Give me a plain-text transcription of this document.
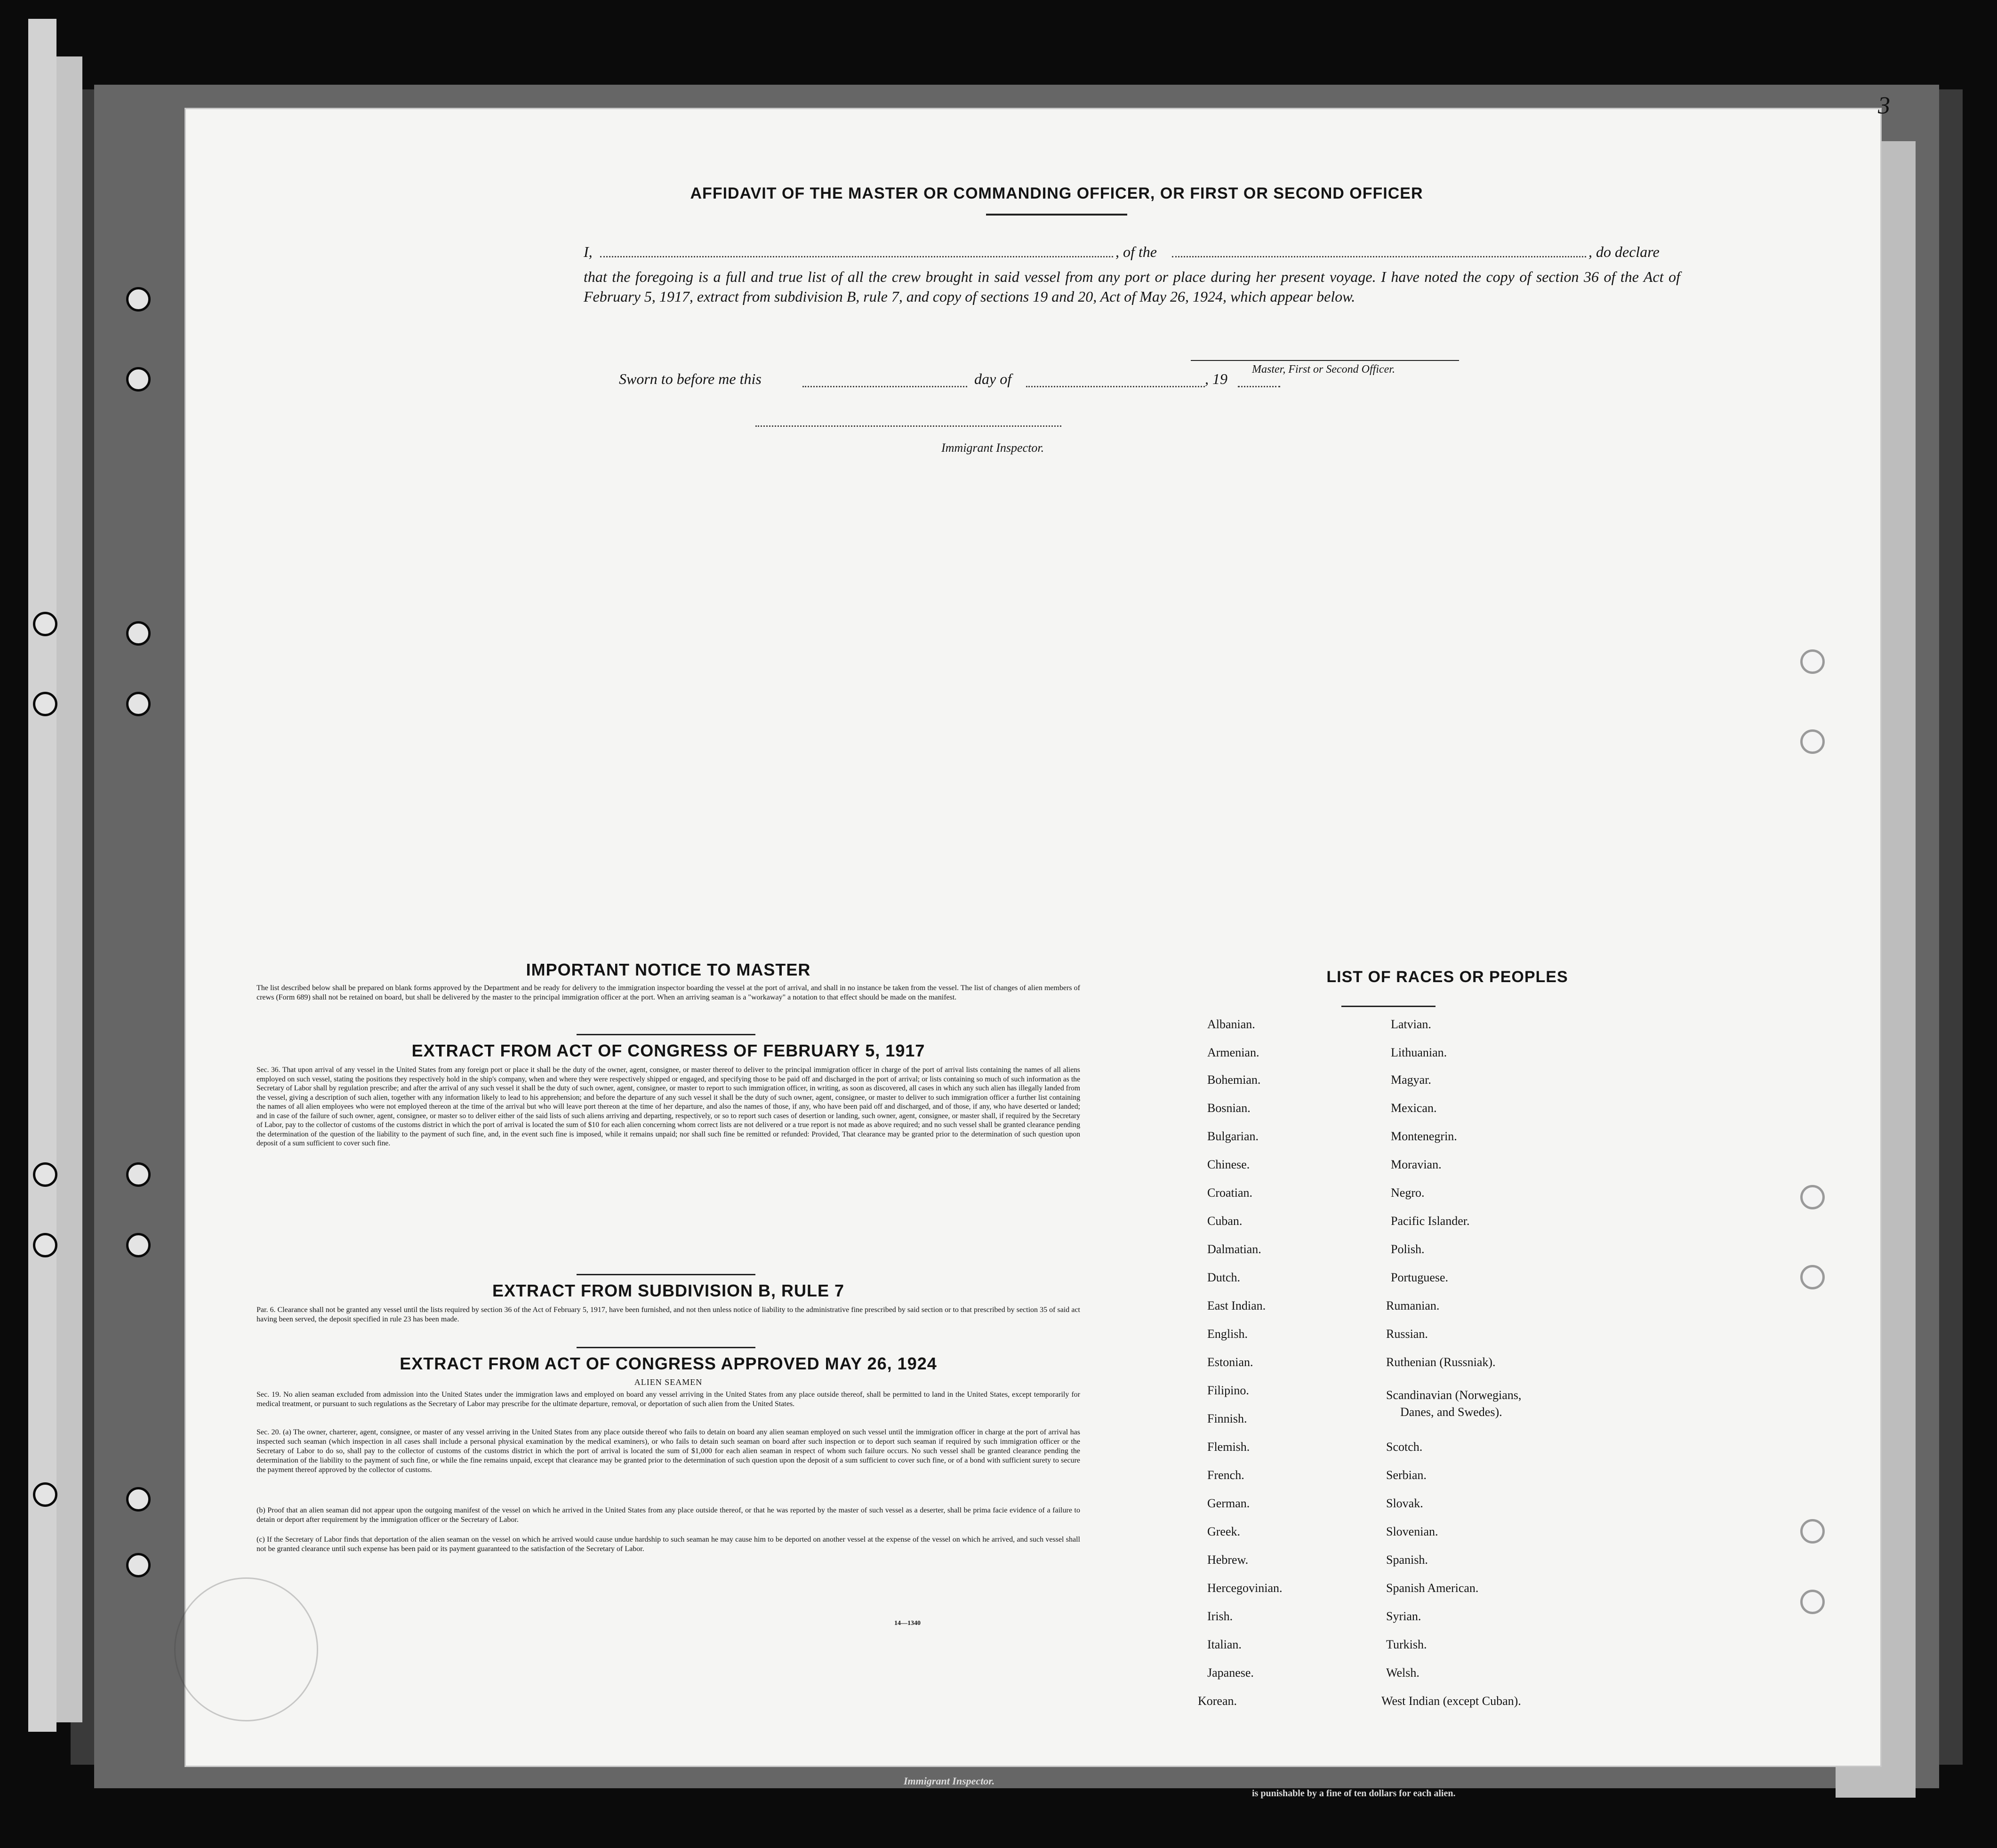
AFFIDAVIT OF THE MASTER OR COMMANDING OFFICER, OR FIRST OR SECOND OFFICER
I,	, of the	, do declare
that the foregoing is a full and true list of all the crew brought in said vessel from any port or place during her present voyage. I have noted the copy of section 36 of the Act of February 5, 1917, extract from subdivision B, rule 7, and copy of sections 19 and 20, Act of May 26, 1924, which appear below.
Master, First or Second Officer.
Sworn to before me this	day of	, 19
Immigrant Inspector.
IMPORTANT NOTICE TO MASTER
The list described below shall be prepared on blank forms approved by the Department and be ready for delivery to the immigration inspector boarding the vessel at the port of arrival, and shall in no instance be taken from the vessel. The list of changes of alien members of crews (Form 689) shall not be retained on board, but shall be delivered by the master to the principal immigration officer at the port. When an arriving seaman is a "workaway" a notation to that effect should be made on the manifest.
EXTRACT FROM ACT OF CONGRESS OF FEBRUARY 5, 1917
Sec. 36. That upon arrival of any vessel in the United States from any foreign port or place it shall be the duty of the owner, agent, consignee, or master thereof to deliver to the principal immigration officer in charge of the port of arrival lists containing the names of all aliens employed on such vessel, stating the positions they respectively hold in the ship's company, when and where they were respectively shipped or engaged, and specifying those to be paid off and discharged in the port of arrival; or lists containing so much of such information as the Secretary of Labor shall by regulation prescribe; and after the arrival of any such vessel it shall be the duty of such owner, agent, consignee, or master to report to such immigration officer, in writing, as soon as discovered, all cases in which any such alien has illegally landed from the vessel, giving a description of such alien, together with any information likely to lead to his apprehension; and before the departure of any such vessel it shall be the duty of such owner, agent, consignee, or master to deliver to such immigration officer a further list containing the names of all alien employees who were not employed thereon at the time of the arrival but who will leave port thereon at the time of her departure, and also the names of those, if any, who have been paid off and discharged, and of those, if any, who have deserted or landed; and in case of the failure of such owner, agent, consignee, or master so to deliver either of the said lists of such aliens arriving and departing, respectively, or so to report such cases of desertion or landing, such owner, agent, consignee, or master shall, if required by the Secretary of Labor, pay to the collector of customs of the customs district in which the port of arrival is located the sum of $10 for each alien concerning whom correct lists are not delivered or a true report is not made as above required; and no such vessel shall be granted clearance pending the determination of the question of the liability to the payment of such fine, and, in the event such fine is imposed, while it remains unpaid; nor shall such fine be remitted or refunded: Provided, That clearance may be granted prior to the determination of such question upon deposit of a sum sufficient to cover such fine.
EXTRACT FROM SUBDIVISION B, RULE 7
Par. 6. Clearance shall not be granted any vessel until the lists required by section 36 of the Act of February 5, 1917, have been furnished, and not then unless notice of liability to the administrative fine prescribed by said section or to that prescribed by section 35 of said act having been served, the deposit specified in rule 23 has been made.
EXTRACT FROM ACT OF CONGRESS APPROVED MAY 26, 1924
ALIEN SEAMEN
Sec. 19. No alien seaman excluded from admission into the United States under the immigration laws and employed on board any vessel arriving in the United States from any place outside thereof, shall be permitted to land in the United States, except temporarily for medical treatment, or pursuant to such regulations as the Secretary of Labor may prescribe for the ultimate departure, removal, or deportation of such alien from the United States.
Sec. 20. (a) The owner, charterer, agent, consignee, or master of any vessel arriving in the United States from any place outside thereof who fails to detain on board any alien seaman employed on such vessel until the immigration officer in charge at the port of arrival has inspected such seaman (which inspection in all cases shall include a personal physical examination by the medical examiners), or who fails to detain such seaman on board after such inspection or to deport such seaman if required by such immigration officer or the Secretary of Labor to do so, shall pay to the collector of customs of the customs district in which the port of arrival is located the sum of $1,000 for each alien seaman in respect of whom such failure occurs. No such vessel shall be granted clearance pending the determination of the liability to the payment of such fine, or while the fine remains unpaid, except that clearance may be granted prior to the determination of such question upon the deposit of a sum sufficient to cover such fine, or of a bond with sufficient surety to secure the payment thereof approved by the collector of customs.
(b) Proof that an alien seaman did not appear upon the outgoing manifest of the vessel on which he arrived in the United States from any place outside thereof, or that he was reported by the master of such vessel as a deserter, shall be prima facie evidence of a failure to detain or deport after requirement by the immigration officer or the Secretary of Labor.
(c) If the Secretary of Labor finds that deportation of the alien seaman on the vessel on which he arrived would cause undue hardship to such seaman he may cause him to be deported on another vessel at the expense of the vessel on which he arrived, and such vessel shall not be granted clearance until such expense has been paid or its payment guaranteed to the satisfaction of the Secretary of Labor.
14—1340
LIST OF RACES OR PEOPLES
Albanian.
Armenian.
Bohemian.
Bosnian.
Bulgarian.
Chinese.
Croatian.
Cuban.
Dalmatian.
Dutch.
East Indian.
English.
Estonian.
Filipino.
Finnish.
Flemish.
French.
German.
Greek.
Hebrew.
Hercegovinian.
Irish.
Italian.
Japanese.
Korean.
Latvian.
Lithuanian.
Magyar.
Mexican.
Montenegrin.
Moravian.
Negro.
Pacific Islander.
Polish.
Portuguese.
Rumanian.
Russian.
Ruthenian (Russniak).
Scandinavian (Norwegians,
Danes, and Swedes).
Scotch.
Serbian.
Slovak.
Slovenian.
Spanish.
Spanish American.
Syrian.
Turkish.
Welsh.
West Indian (except Cuban).
3
Immigrant Inspector.
is punishable by a fine of ten dollars for each alien.
